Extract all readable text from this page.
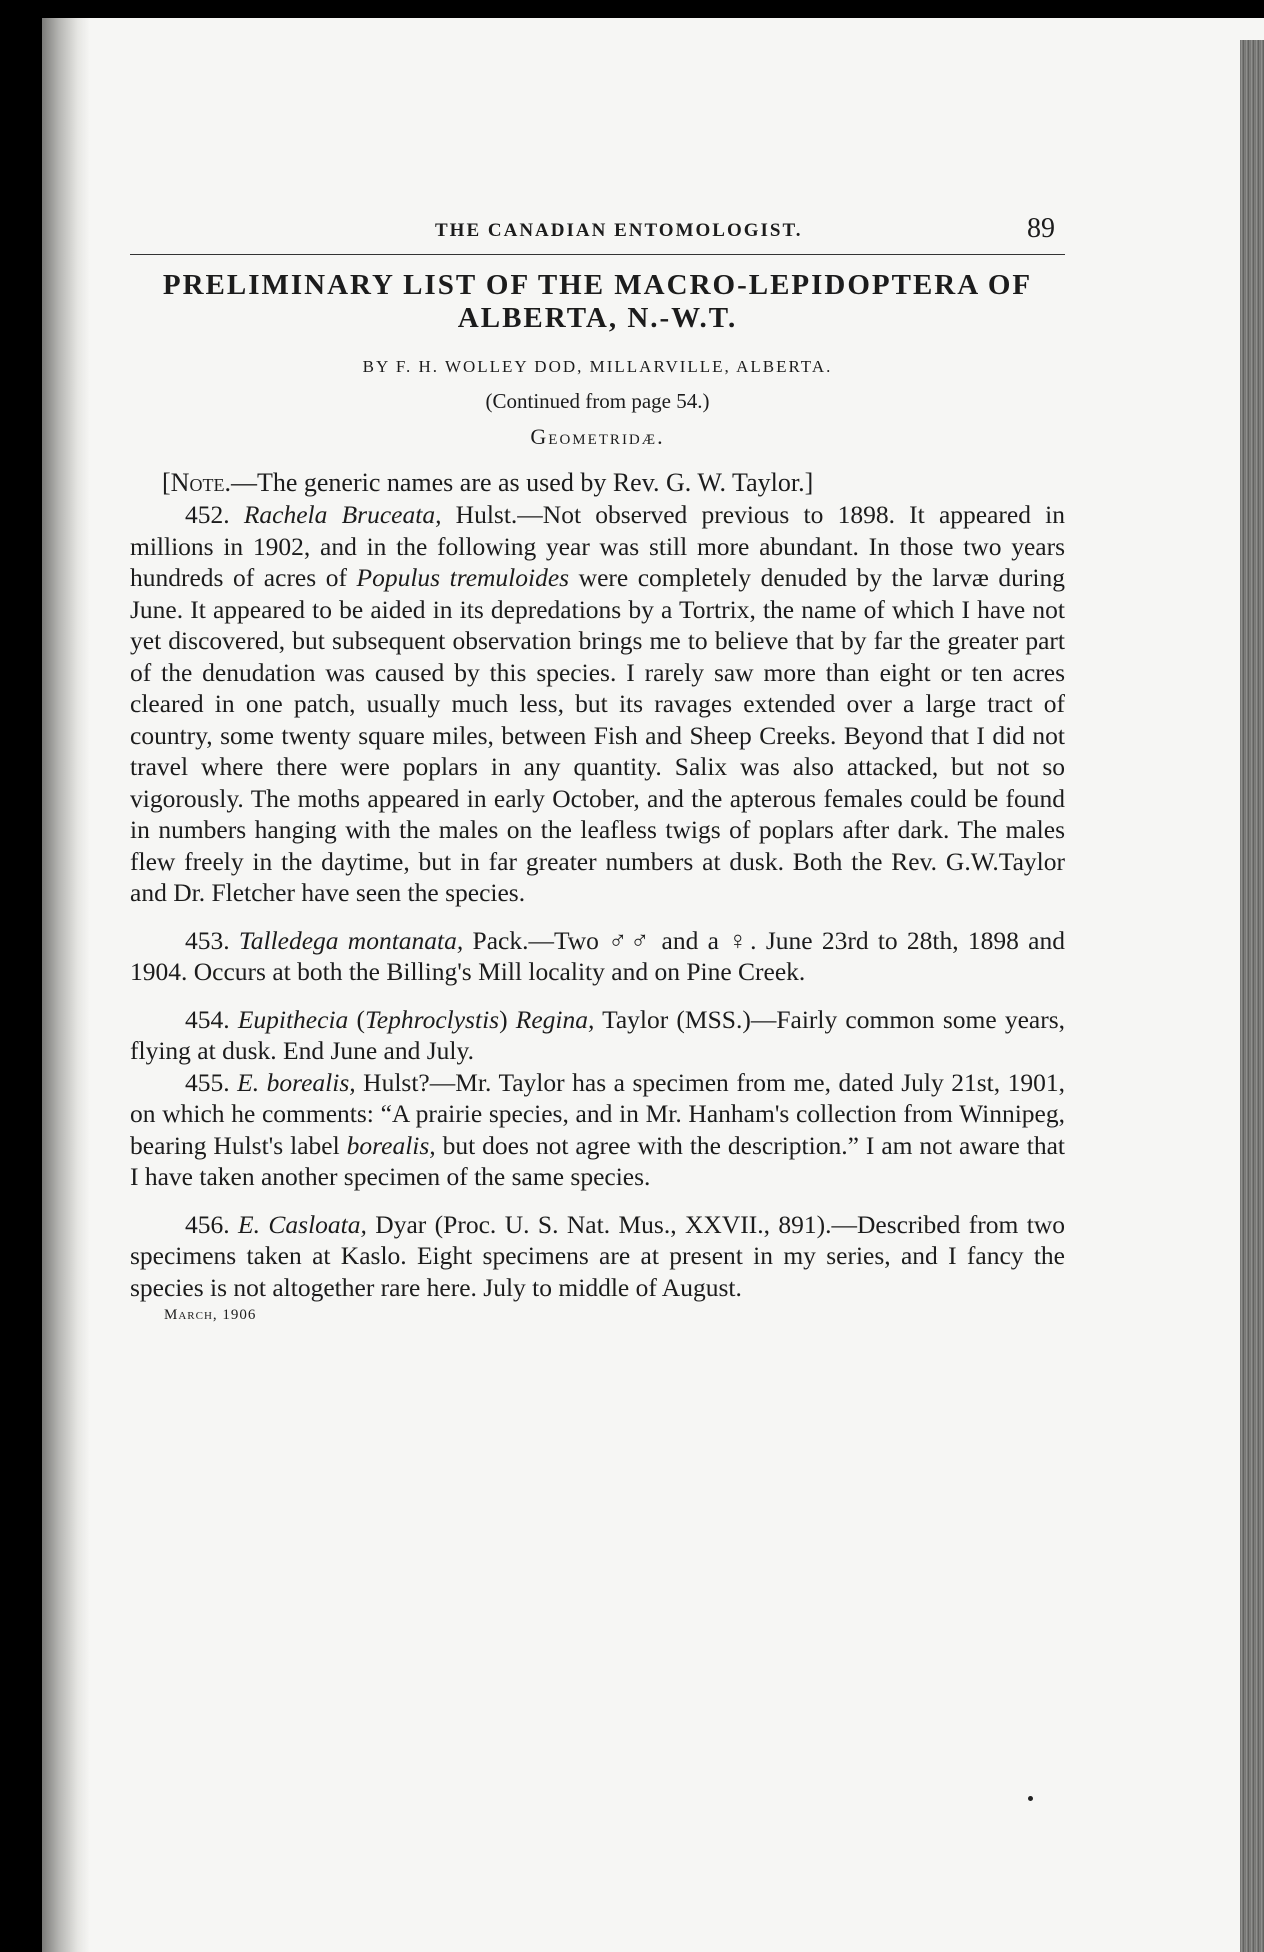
THE CANADIAN ENTOMOLOGIST.	89
PRELIMINARY LIST OF THE MACRO-LEPIDOPTERA OF ALBERTA, N.-W.T.
BY F. H. WOLLEY DOD, MILLARVILLE, ALBERTA.
(Continued from page 54.)
Geometridæ.
[Note.—The generic names are as used by Rev. G. W. Taylor.]

452. Rachela Bruceata, Hulst.—Not observed previous to 1898. It appeared in millions in 1902, and in the following year was still more abundant. In those two years hundreds of acres of Populus tremuloides were completely denuded by the larvæ during June. It appeared to be aided in its depredations by a Tortrix, the name of which I have not yet discovered, but subsequent observation brings me to believe that by far the greater part of the denudation was caused by this species. I rarely saw more than eight or ten acres cleared in one patch, usually much less, but its ravages extended over a large tract of country, some twenty square miles, between Fish and Sheep Creeks. Beyond that I did not travel where there were poplars in any quantity. Salix was also attacked, but not so vigorously. The moths appeared in early October, and the apterous females could be found in numbers hanging with the males on the leafless twigs of poplars after dark. The males flew freely in the daytime, but in far greater numbers at dusk. Both the Rev. G.W.Taylor and Dr. Fletcher have seen the species.

453. Talledega montanata, Pack.—Two ♂♂ and a ♀. June 23rd to 28th, 1898 and 1904. Occurs at both the Billing's Mill locality and on Pine Creek.

454. Eupithecia (Tephroclystis) Regina, Taylor (MSS.)—Fairly common some years, flying at dusk. End June and July.

455. E. borealis, Hulst?—Mr. Taylor has a specimen from me, dated July 21st, 1901, on which he comments: “A prairie species, and in Mr. Hanham's collection from Winnipeg, bearing Hulst's label borealis, but does not agree with the description.” I am not aware that I have taken another specimen of the same species.

456. E. Casloata, Dyar (Proc. U. S. Nat. Mus., XXVII., 891).—Described from two specimens taken at Kaslo. Eight specimens are at present in my series, and I fancy the species is not altogether rare here. July to middle of August.

March, 1906
